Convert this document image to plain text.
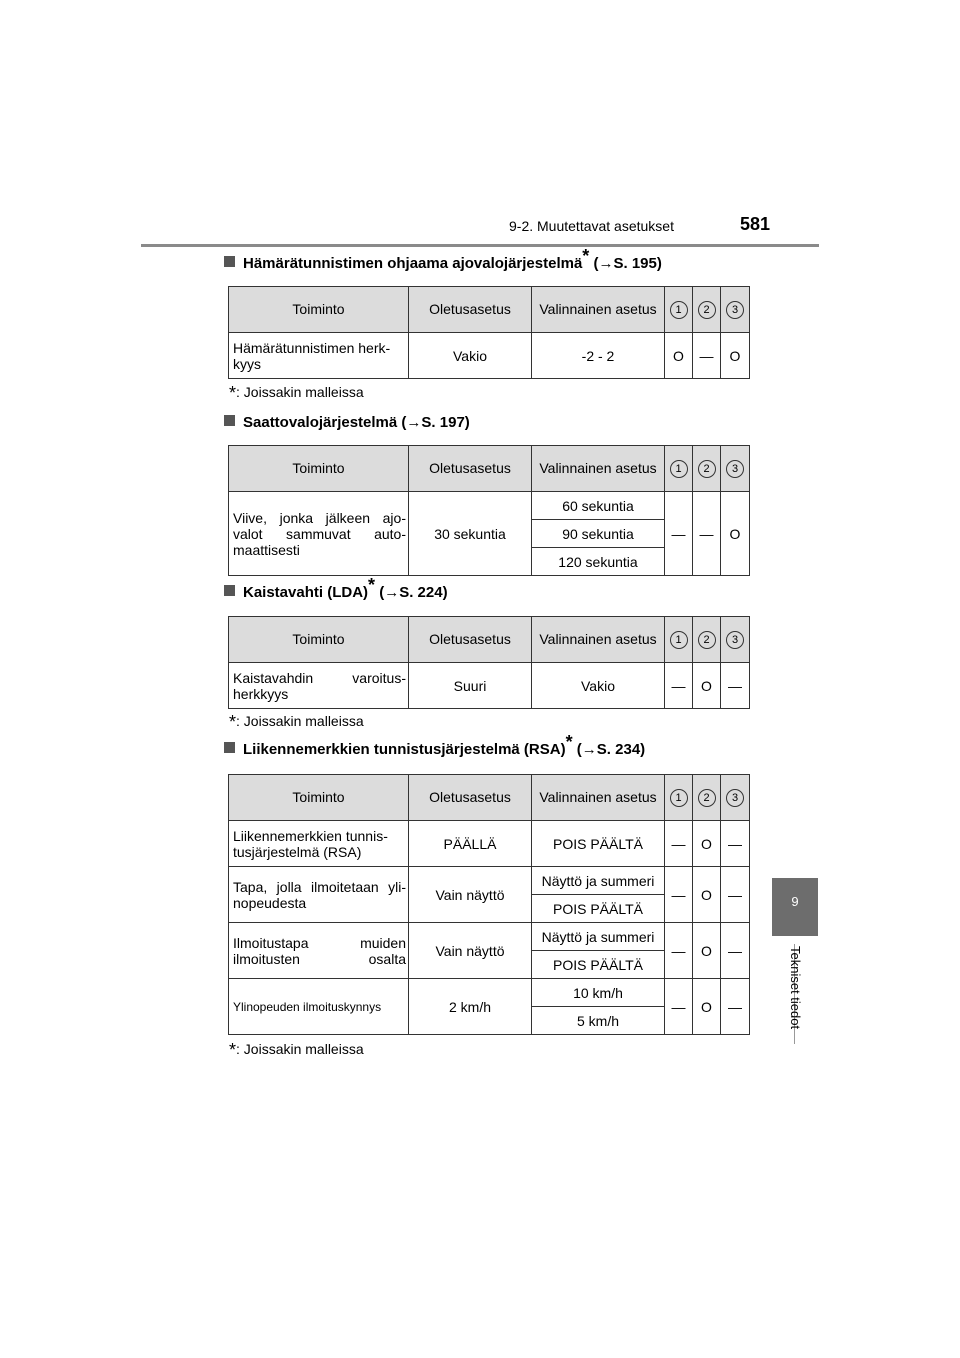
9-2. Muutettavat asetukset	581
9
Tekniset tiedot
Hämärätunnistimen ohjaama ajovalojärjestelmä* (→S. 195)
Toiminto	Oletusasetus	Valinnainen asetus	1	2	3
Hämärätunnistimen herk-kyys	Vakio	-2 - 2	O	—	O
*: Joissakin malleissa
Saattovalojärjestelmä (→S. 197)
Toiminto	Oletusasetus	Valinnainen asetus	1	2	3
Viive, jonka jälkeen ajo-valot sammuvat auto-maattisesti	30 sekuntia	60 sekuntia	—	—	O
		90 sekuntia			
		120 sekuntia			
Kaistavahti (LDA)* (→S. 224)
Toiminto	Oletusasetus	Valinnainen asetus	1	2	3
Kaistavahdin varoitus-herkkyys	Suuri	Vakio	—	O	—
*: Joissakin malleissa
Liikennemerkkien tunnistusjärjestelmä (RSA)* (→S. 234)
Toiminto	Oletusasetus	Valinnainen asetus	1	2	3
Liikennemerkkien tunnis-tusjärjestelmä (RSA)	PÄÄLLÄ	POIS PÄÄLTÄ	—	O	—
Tapa, jolla ilmoitetaan yli-nopeudesta	Vain näyttö	Näyttö ja summeri	—	O	—
		POIS PÄÄLTÄ			
Ilmoitustapa muiden ilmoitusten osalta	Vain näyttö	Näyttö ja summeri	—	O	—
		POIS PÄÄLTÄ			
Ylinopeuden ilmoituskynnys	2 km/h	10 km/h	—	O	—
		5 km/h			
*: Joissakin malleissa
